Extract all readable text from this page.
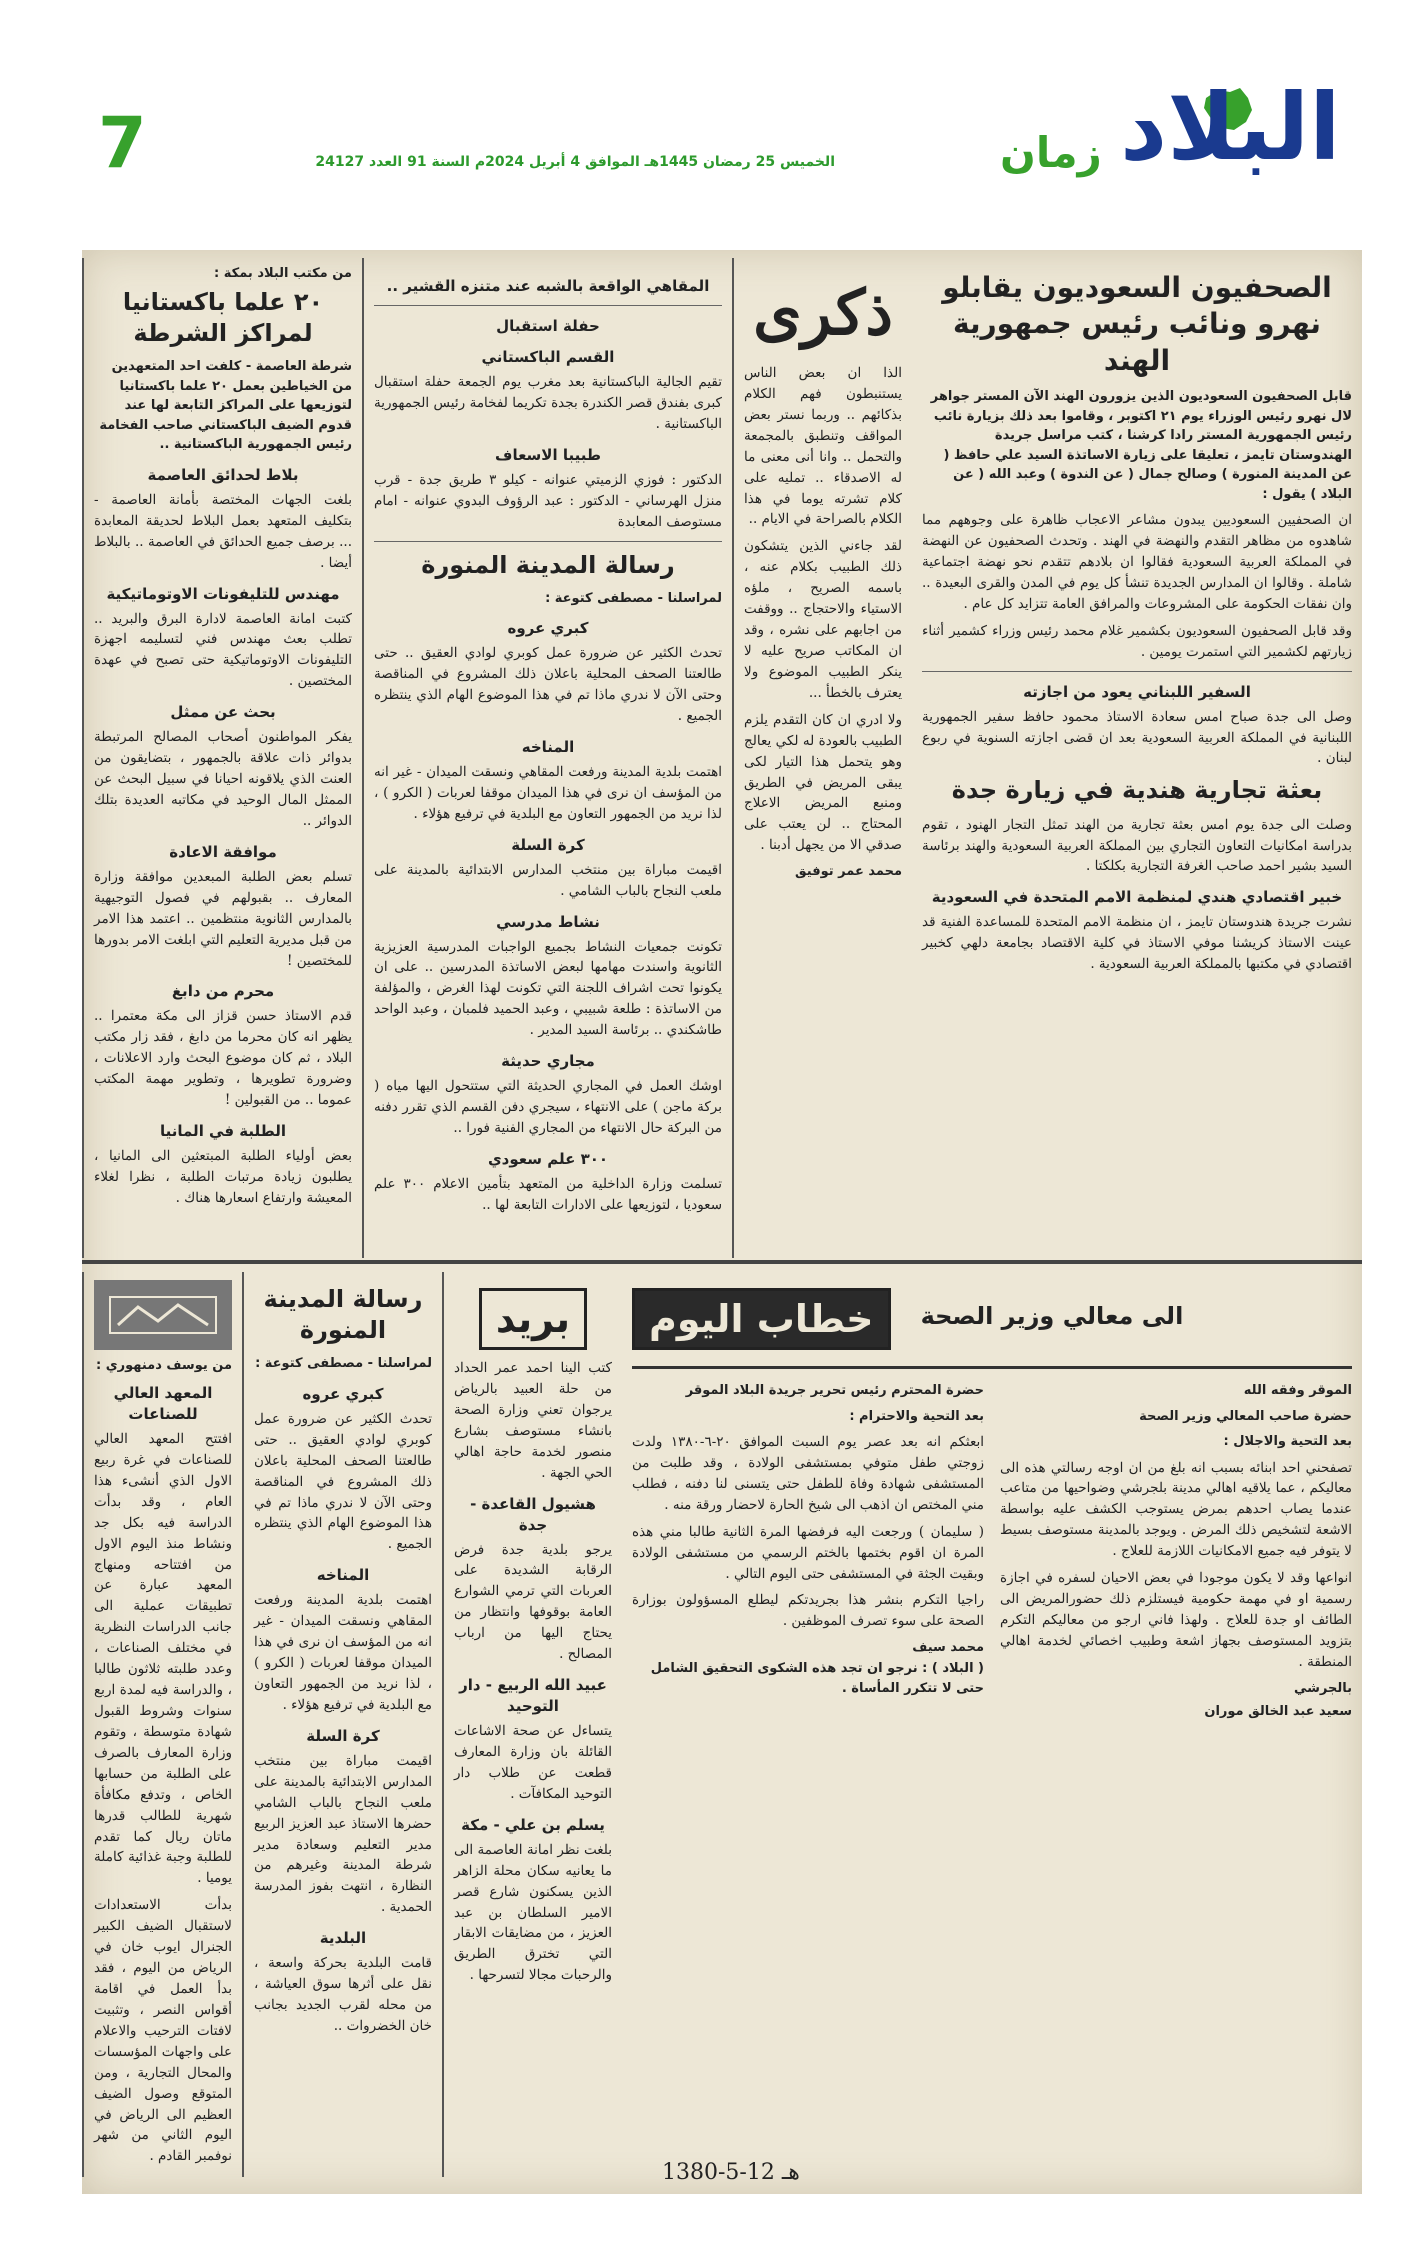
7	الخميس 25 رمضان 1445هـ الموافق 4 أبريل 2024م السنة 91 العدد 24127	زمان البلاد
من مكتب البلاد بمكة :
٢٠ علما باكستانيا لمراكز الشرطة
شرطة العاصمة - كلفت احد المتعهدين من الخياطين بعمل ٢٠ علما باكستانيا لتوزيعها على المراكز التابعة لها عند قدوم الضيف الباكستاني صاحب الفخامة رئيس الجمهورية الباكستانية ..
بلاط لحدائق العاصمة
بلغت الجهات المختصة بأمانة العاصمة - بتكليف المتعهد بعمل البلاط لحديقة المعابدة ... برصف جميع الحدائق في العاصمة .. بالبلاط أيضا .
مهندس للتليفونات الاوتوماتيكية
كتبت امانة العاصمة لادارة البرق والبريد .. تطلب بعث مهندس فني لتسليمه اجهزة التليفونات الاوتوماتيكية حتى تصبح في عهدة المختصين .
بحث عن ممثل
يفكر المواطنون أصحاب المصالح المرتبطة بدوائر ذات علاقة بالجمهور ، بتضايقون من العنت الذي يلاقونه احيانا في سبيل البحث عن الممثل المال الوحيد في مكاتبه العديدة بتلك الدوائر ..
موافقة الاعادة
تسلم بعض الطلبة المبعدين موافقة وزارة المعارف .. بقبولهم في فصول التوجيهية بالمدارس الثانوية منتظمين .. اعتمد هذا الامر من قبل مديرية التعليم التي ابلغت الامر بدورها للمختصين !
محرم من دابغ
قدم الاستاذ حسن قزاز الى مكة معتمرا .. يظهر انه كان محرما من دابغ ، فقد زار مكتب البلاد ، ثم كان موضوع البحث وارد الاعلانات ، وضرورة تطويرها ، وتطوير مهمة المكتب عموما .. من القبولين !
الطلبة في المانيا
بعض أولياء الطلبة المبتعثين الى المانيا ، يطلبون زيادة مرتبات الطلبة ، نظرا لغلاء المعيشة وارتفاع اسعارها هناك .
المقاهي الواقعة بالشبه عند متنزه القشير ..
حفلة استقبال
القسم الباكستاني
تقيم الجالية الباكستانية بعد مغرب يوم الجمعة حفلة استقبال كبرى بفندق قصر الكندرة بجدة تكريما لفخامة رئيس الجمهورية الباكستانية .
طبيبا الاسعاف
الدكتور : فوزي الزميتي عنوانه - كيلو ٣ طريق جدة - قرب منزل الهرساني - الدكتور : عبد الرؤوف البدوي عنوانه - امام مستوصف المعابدة
رسالة المدينة المنورة
لمراسلنا - مصطفى كتوعة :
كبري عروه
تحدث الكثير عن ضرورة عمل كوبري لوادي العقيق .. حتى طالعتنا الصحف المحلية باعلان ذلك المشروع في المناقصة وحتى الآن لا ندري ماذا تم في هذا الموضوع الهام الذي ينتظره الجميع .
المناخه
اهتمت بلدية المدينة ورفعت المقاهي ونسقت الميدان - غير انه من المؤسف ان نرى في هذا الميدان موقفا لعربات ( الكرو ) ، لذا نريد من الجمهور التعاون مع البلدية في ترفيع هؤلاء .
كرة السلة
اقيمت مباراة بين منتخب المدارس الابتدائية بالمدينة على ملعب النجاح بالباب الشامي .
نشاط مدرسي
تكونت جمعيات النشاط بجميع الواجبات المدرسية العزيزية الثانوية واسندت مهامها لبعض الاساتذة المدرسين .. على ان يكونوا تحت اشراف اللجنة التي تكونت لهذا الغرض ، والمؤلفة من الاساتذة : طلعة شبيبي ، وعبد الحميد فلمبان ، وعبد الواحد طاشكندي .. برئاسة السيد المدير .
مجاري حديثة
اوشك العمل في المجاري الحديثة التي ستتحول اليها مياه ( بركة ماجن ) على الانتهاء ، سيجري دفن القسم الذي تقرر دفنه من البركة حال الانتهاء من المجاري الفنية فورا ..
٣٠٠ علم سعودي
تسلمت وزارة الداخلية من المتعهد بتأمين الاعلام ٣٠٠ علم سعوديا ، لتوزيعها على الادارات التابعة لها ..
ذكرى
الذا ان بعض الناس يستنبطون فهم الكلام بذكائهم .. وربما نستر بعض المواقف وتنطبق بالمجمعة والتحمل .. وانا أنى معنى ما له الاصدقاء .. تمليه على كلام تشرته يوما في هذا الكلام بالصراحة في الايام ..
لقد جاءني الذين يتشكون ذلك الطبيب بكلام عنه ، باسمه الصريح ، ملؤه الاستياء والاحتجاج .. ووقفت من اجابهم على نشره ، وقد ان المكاتب صريح عليه لا ينكر الطبيب الموضوع ولا يعترف بالخطأ ...
ولا ادري ان كان التقدم يلزم الطبيب بالعودة له لكي يعالج وهو يتحمل هذا التيار لكى يبقى المريض في الطريق ومنبع المريض الاعلاج المحتاج .. لن يعتب على صدقي الا من يجهل أدبنا .
محمد عمر توفيق
الصحفيون السعوديون يقابلو نهرو ونائب رئيس جمهورية الهند
قابل الصحفيون السعوديون الذين يزورون الهند الآن المستر جواهر لال نهرو رئيس الوزراء يوم ٢١ اكتوبر ، وقاموا بعد ذلك بزيارة نائب رئيس الجمهورية المستر رادا كرشنا ، كتب مراسل جريدة الهندوستان تايمز ، تعليقا على زيارة الاساتذة السيد علي حافظ ( عن المدينة المنورة ) وصالح جمال ( عن الندوة ) وعبد الله ( عن البلاد ) يقول :
ان الصحفيين السعوديين يبدون مشاعر الاعجاب ظاهرة على وجوههم مما شاهدوه من مظاهر التقدم والنهضة في الهند . وتحدث الصحفيون عن النهضة في المملكة العربية السعودية فقالوا ان بلادهم تتقدم نحو نهضة اجتماعية شاملة . وقالوا ان المدارس الجديدة تنشأ كل يوم في المدن والقرى البعيدة .. وان نفقات الحكومة على المشروعات والمرافق العامة تتزايد كل عام .
وقد قابل الصحفيون السعوديون بكشمير غلام محمد رئيس وزراء كشمير أثناء زيارتهم لكشمير التي استمرت يومين .
السفير اللبناني يعود من اجازته
وصل الى جدة صباح امس سعادة الاستاذ محمود حافظ سفير الجمهورية اللبنانية في المملكة العربية السعودية بعد ان قضى اجازته السنوية في ربوع لبنان .
بعثة تجارية هندية في زيارة جدة
وصلت الى جدة يوم امس بعثة تجارية من الهند تمثل التجار الهنود ، تقوم بدراسة امكانيات التعاون التجاري بين المملكة العربية السعودية والهند برئاسة السيد بشير احمد صاحب الغرفة التجارية بكلكتا .
خبير اقتصادي هندي لمنظمة الامم المتحدة في السعودية
نشرت جريدة هندوستان تايمز ، ان منظمة الامم المتحدة للمساعدة الفنية قد عينت الاستاذ كريشنا موفي الاستاذ في كلية الاقتصاد بجامعة دلهي كخبير اقتصادي في مكتبها بالمملكة العربية السعودية .
من يوسف دمنهوري :
المعهد العالي للصناعات
افتتح المعهد العالي للصناعات في غرة ربيع الاول الذي أنشىء هذا العام ، وقد بدأت الدراسة فيه بكل جد ونشاط منذ اليوم الاول من افتتاحه ومنهاج المعهد عبارة عن تطبيقات عملية الى جانب الدراسات النظرية في مختلف الصناعات ، وعدد طلبته ثلاثون طالبا ، والدراسة فيه لمدة اربع سنوات وشروط القبول شهادة متوسطة ، وتقوم وزارة المعارف بالصرف على الطلبة من حسابها الخاص ، وتدفع مكافأة شهرية للطالب قدرها ماتان ريال كما تقدم للطلبة وجبة غذائية كاملة يوميا .
بدأت الاستعدادات لاستقبال الضيف الكبير الجنرال ايوب خان في الرياض من اليوم ، فقد بدأ العمل في اقامة أقواس النصر ، وتثبيت لافتات الترحيب والاعلام على واجهات المؤسسات والمحال التجارية ، ومن المتوقع وصول الضيف العظيم الى الرياض في اليوم الثاني من شهر نوفمبر القادم .
رسالة المدينة المنورة
لمراسلنا - مصطفى كتوعة :
كبري عروه
تحدث الكثير عن ضرورة عمل كوبري لوادي العقيق .. حتى طالعتنا الصحف المحلية باعلان ذلك المشروع في المناقصة وحتى الآن لا ندري ماذا تم في هذا الموضوع الهام الذي ينتظره الجميع .
المناخه
اهتمت بلدية المدينة ورفعت المقاهي ونسقت الميدان - غير انه من المؤسف ان نرى في هذا الميدان موقفا لعربات ( الكرو ) ، لذا نريد من الجمهور التعاون مع البلدية في ترفيع هؤلاء .
كرة السلة
اقيمت مباراة بين منتخب المدارس الابتدائية بالمدينة على ملعب النجاح بالباب الشامي حضرها الاستاذ عبد العزيز الربيع مدير التعليم وسعادة مدير شرطة المدينة وغيرهم من النظارة ، انتهت بفوز المدرسة الحمدية .
البلدية
قامت البلدية بحركة واسعة ، نقل على أثرها سوق العياشة ، من محله لقرب الجديد بجانب خان الخضروات ..
بريد
كتب الينا احمد عمر الحداد من حلة العبيد بالرياض يرجوان تعني وزارة الصحة بانشاء مستوصف بشارع منصور لخدمة حاجة اهالي الحي الجهة .
هشيول القاعدة - جدة
يرجو بلدية جدة فرض الرقابة الشديدة على العربات التي ترمي الشوارع العامة بوقوفها وانتظار من يحتاج اليها من ارباب المصالح .
عبيد الله الربيع - دار التوحيد
يتساءل عن صحة الاشاعات القائلة بان وزارة المعارف قطعت عن طلاب دار التوحيد المكافآت .
يسلم بن علي - مكة
بلغت نظر امانة العاصمة الى ما يعانيه سكان محلة الزاهر الذين يسكنون شارع قصر الامير السلطان بن عبد العزيز ، من مضايقات الابقار التي تخترق الطريق والرحبات مجالا لتسرحها .
خطاب اليوم	الى معالي وزير الصحة
الموقر وفقه الله
حضرة صاحب المعالي وزير الصحة
بعد التحية والاجلال :
تصفحني احد ابنائه بسبب انه بلغ من ان اوجه رسالتي هذه الى معاليكم ، عما يلاقيه اهالي مدينة بلجرشي وضواحيها من متاعب عندما يصاب احدهم بمرض يستوجب الكشف عليه بواسطة الاشعة لتشخيص ذلك المرض . ويوجد بالمدينة مستوصف بسيط لا يتوفر فيه جميع الامكانيات اللازمة للعلاج .
انواعها وقد لا يكون موجودا في بعض الاحيان لسفره في اجازة رسمية او في مهمة حكومية فيستلزم ذلك حضورالمريض الى الطائف او جدة للعلاج . ولهذا فاني ارجو من معاليكم التكرم بتزويد المستوصف بجهاز اشعة وطبيب اخصائي لخدمة اهالي المنطقة .
بالجرشي
سعيد عبد الخالق موران
حضرة المحترم رئيس تحرير جريدة البلاد الموقر
بعد التحية والاحترام :
ابعثكم انه بعد عصر يوم السبت الموافق ٢٠-٦-١٣٨٠ ولدت زوجتي طفل متوفي بمستشفى الولادة ، وقد طلبت من المستشفى شهادة وفاة للطفل حتى يتسنى لنا دفنه ، فطلب مني المختص ان اذهب الى شيخ الحارة لاحضار ورقة منه .
( سليمان ) ورجعت اليه فرفضها المرة الثانية طالبا مني هذه المرة ان اقوم بختمها بالختم الرسمي من مستشفى الولادة وبقيت الجثة في المستشفى حتى اليوم التالي .
راجيا التكرم بنشر هذا بجريدتكم ليطلع المسؤولون بوزارة الصحة على سوء تصرف الموظفين .
محمد سيف
( البلاد ) : نرجو ان تجد هذه الشكوى التحقيق الشامل حتى لا تتكرر المأساة .
1380-5-12 هـ
